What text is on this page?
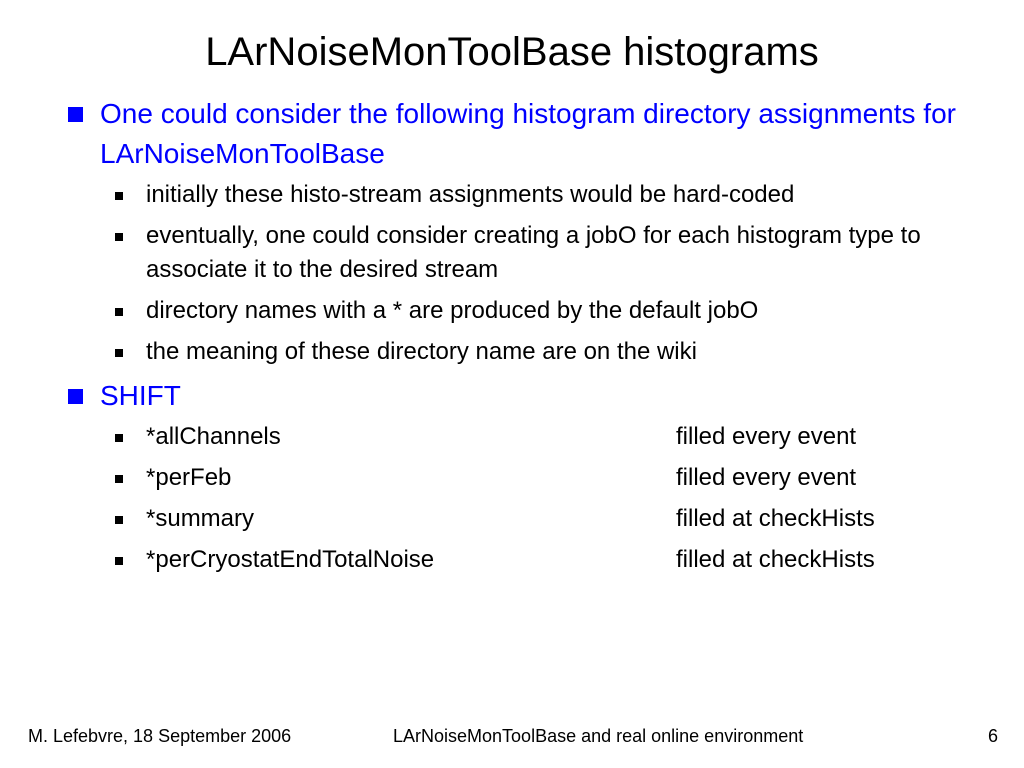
LArNoiseMonToolBase histograms
One could consider the following histogram directory assignments for LArNoiseMonToolBase
initially these histo-stream assignments would be hard-coded
eventually, one could consider creating a jobO for each histogram type to associate it to the desired stream
directory names with a * are produced by the default jobO
the meaning of these directory name are on the wiki
SHIFT
*allChannels	filled every event
*perFeb	filled every event
*summary	filled at checkHists
*perCryostatEndTotalNoise	filled at checkHists
M. Lefebvre, 18 September 2006	LArNoiseMonToolBase and real online environment	6
